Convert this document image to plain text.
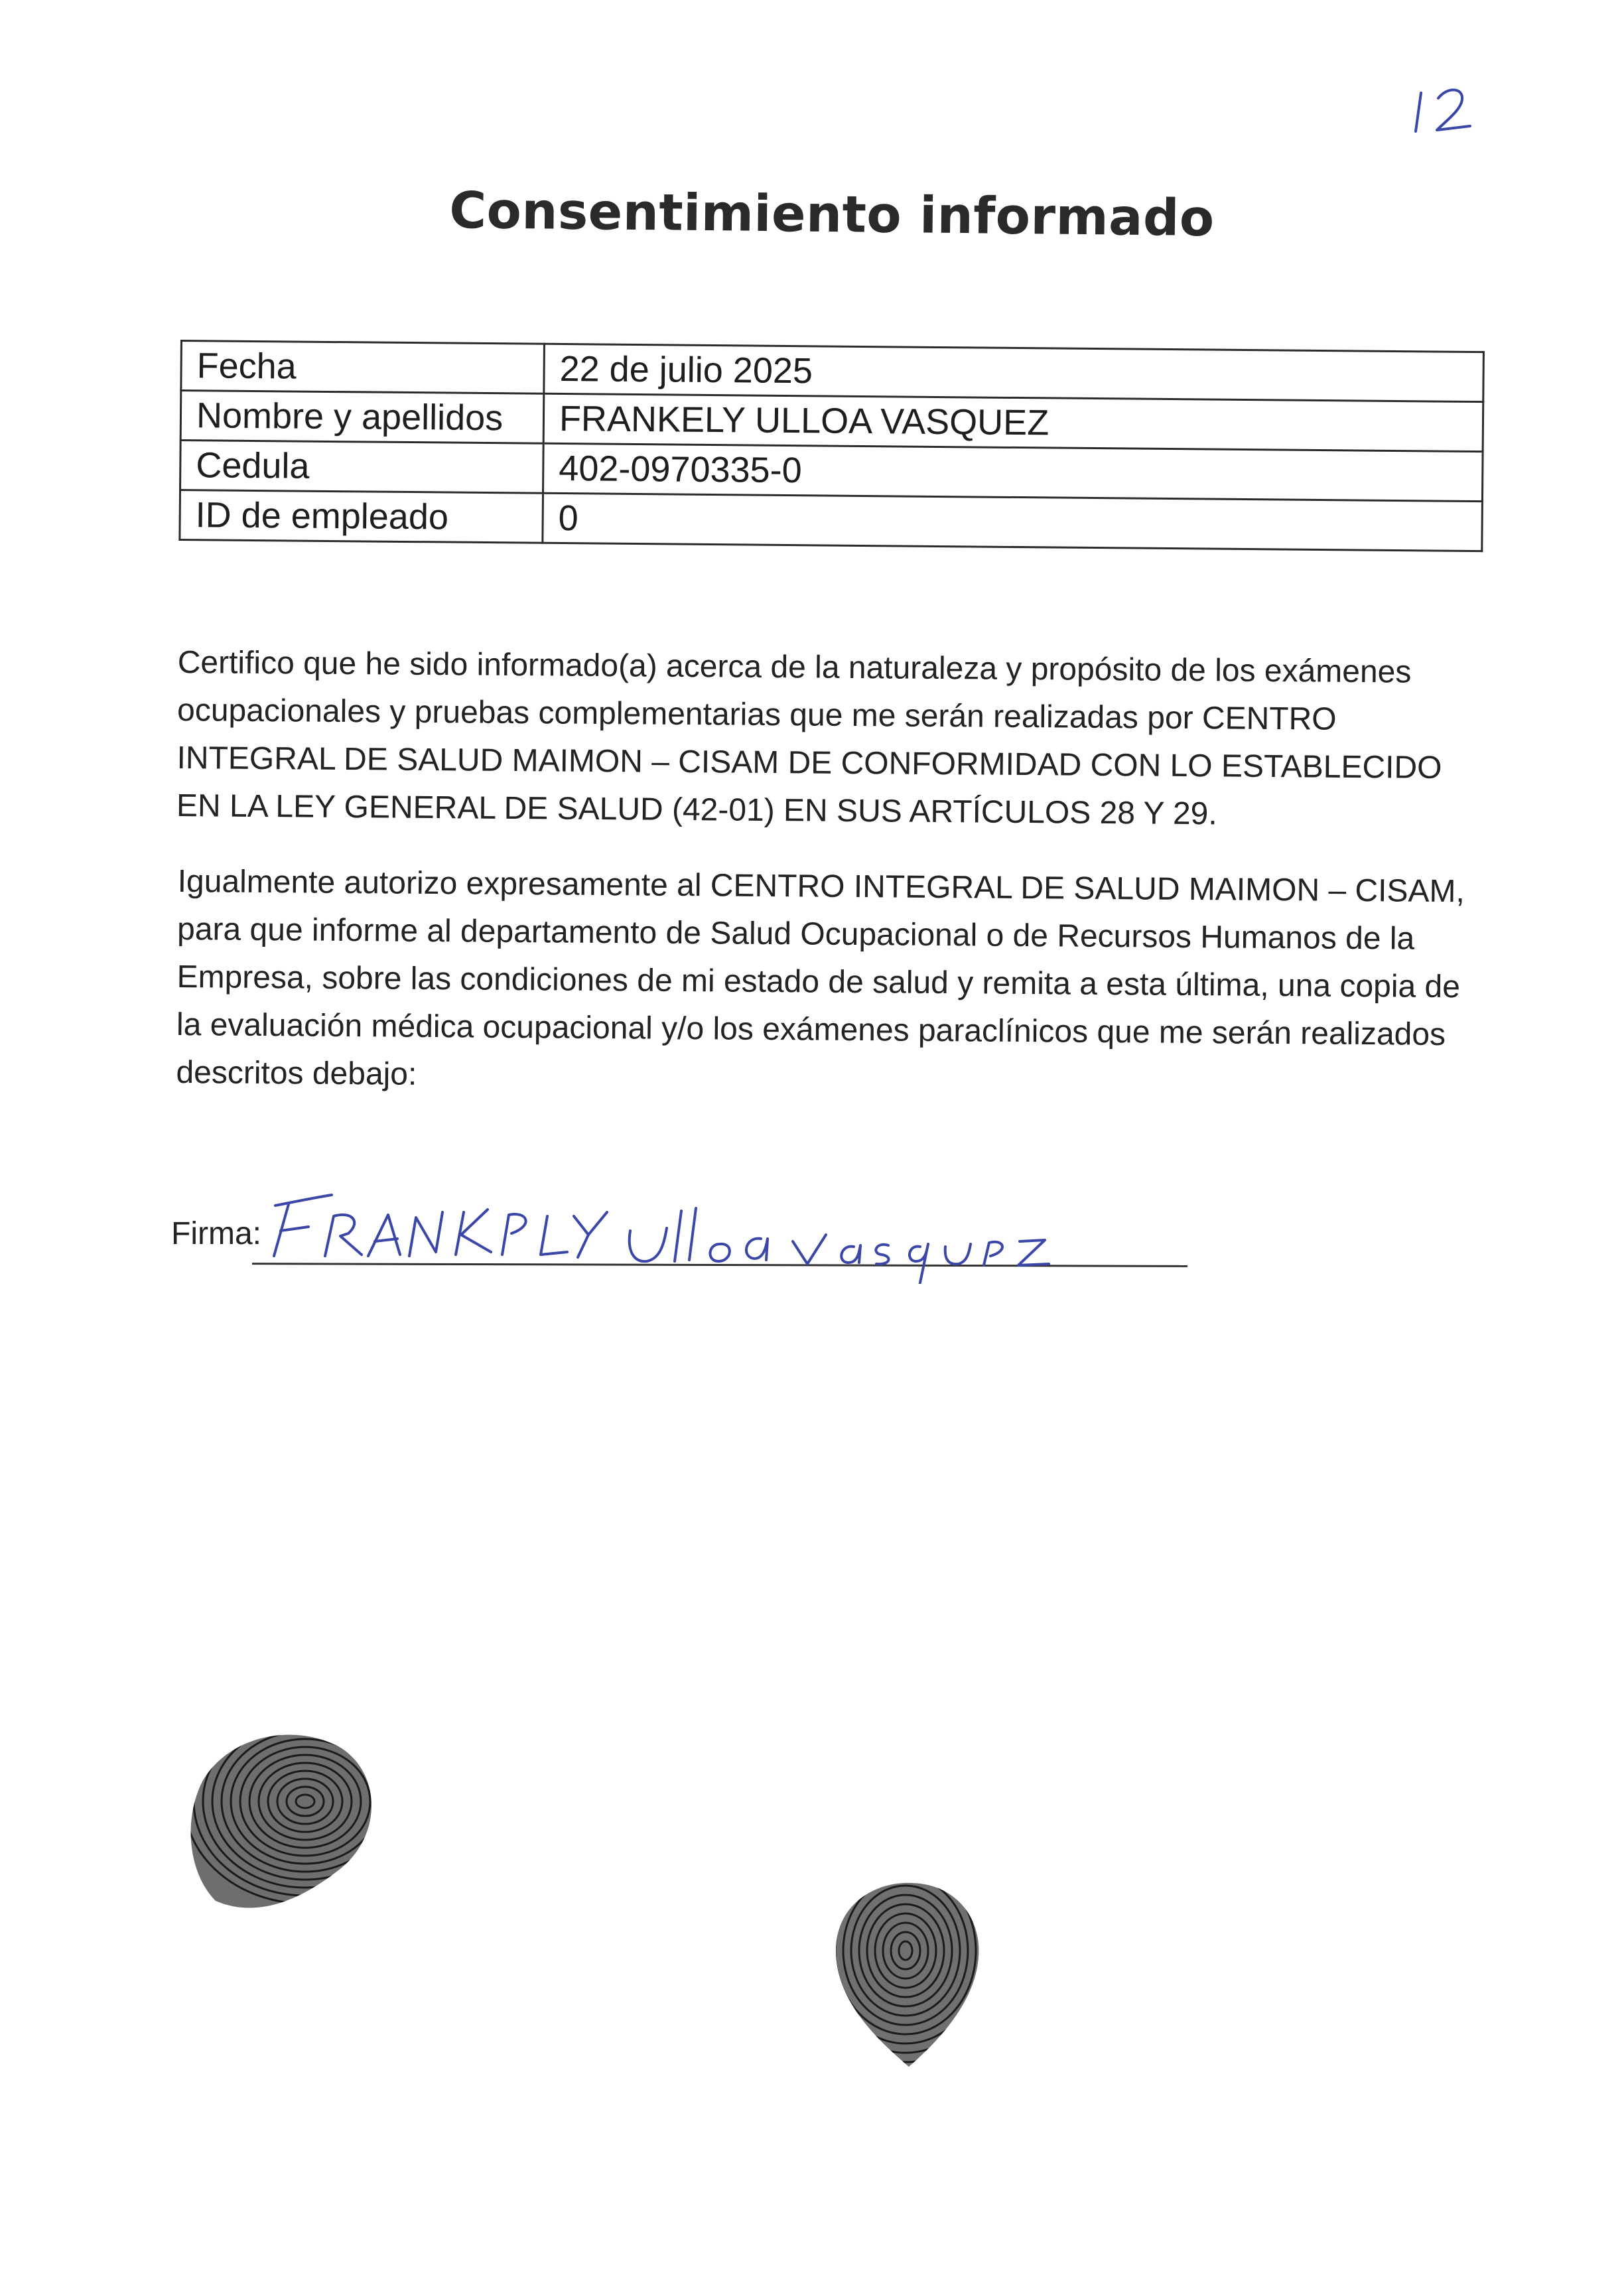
Consentimiento informado
Fecha	22 de julio 2025
Nombre y apellidos	FRANKELY ULLOA VASQUEZ
Cedula	402-0970335-0
ID de empleado	0

Certifico que he sido informado(a) acerca de la naturaleza y propósito de los exámenes ocupacionales y pruebas complementarias que me serán realizadas por CENTRO INTEGRAL DE SALUD MAIMON – CISAM DE CONFORMIDAD CON LO ESTABLECIDO EN LA LEY GENERAL DE SALUD (42-01) EN SUS ARTÍCULOS 28 Y 29.

Igualmente autorizo expresamente al CENTRO INTEGRAL DE SALUD MAIMON – CISAM, para que informe al departamento de Salud Ocupacional o de Recursos Humanos de la Empresa, sobre las condiciones de mi estado de salud y remita a esta última, una copia de la evaluación médica ocupacional y/o los exámenes paraclínicos que me serán realizados descritos debajo:

Firma:
